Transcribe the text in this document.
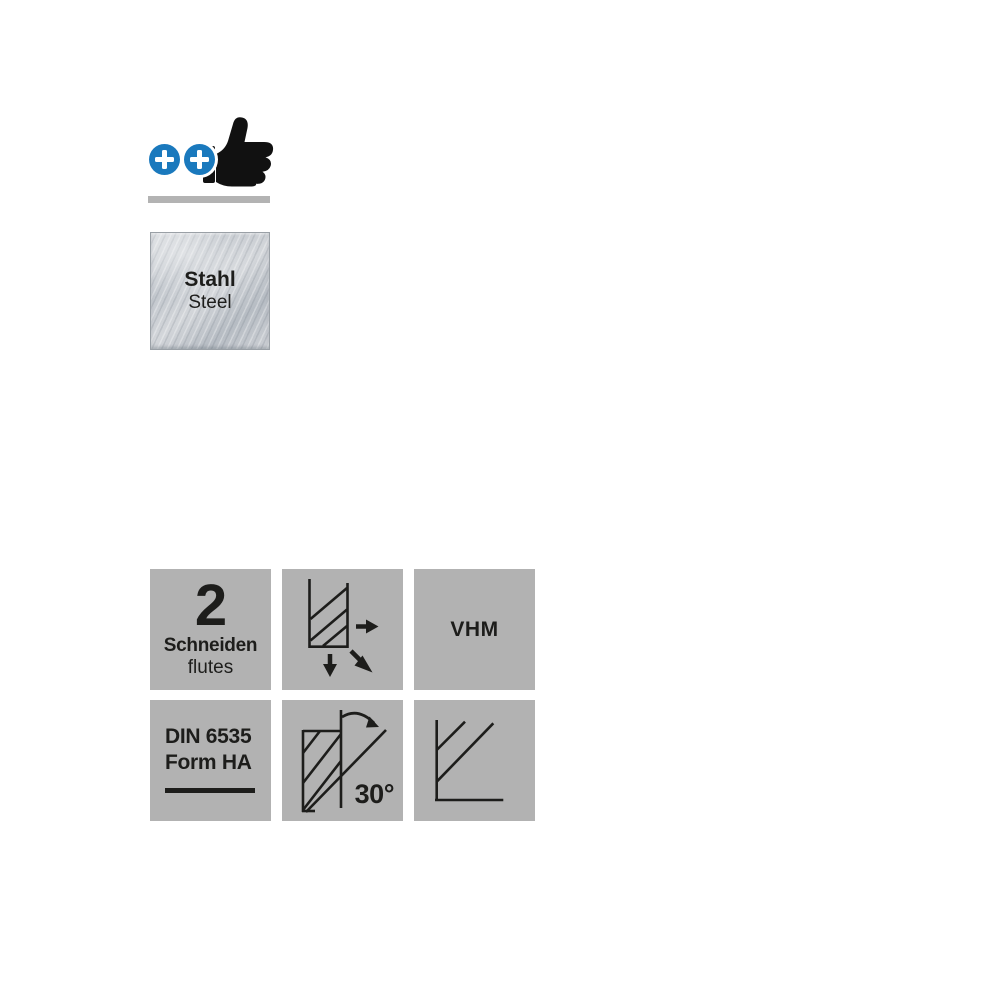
Stahl
Steel
2
Schneiden
flutes
VHM
DIN 6535
Form HA
30°
